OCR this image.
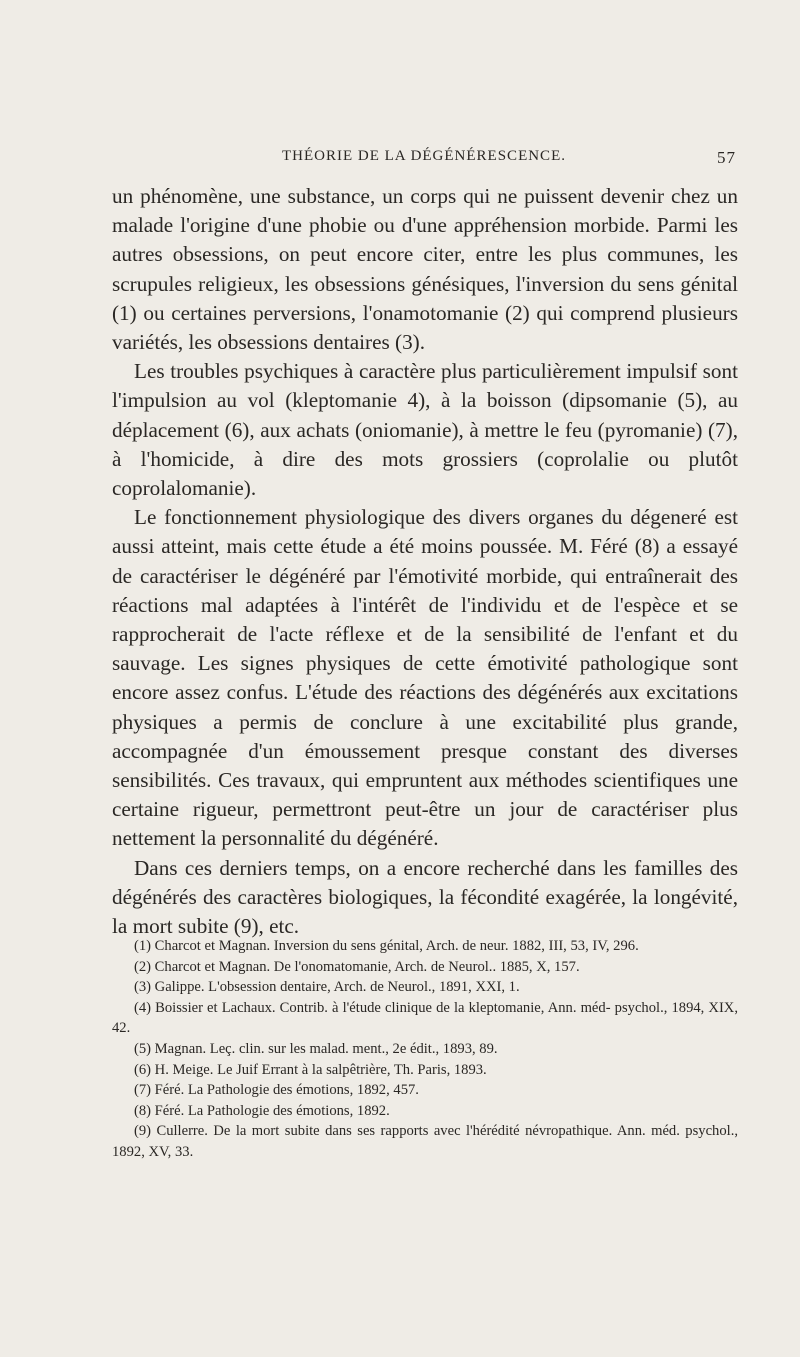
THÉORIE DE LA DÉGÉNÉRESCENCE.	57

un phénomène, une substance, un corps qui ne puissent devenir chez un malade l'origine d'une phobie ou d'une appréhension morbide. Parmi les autres obsessions, on peut encore citer, entre les plus communes, les scrupules religieux, les obsessions génésiques, l'inversion du sens génital (1) ou certaines perversions, l'onamotomanie (2) qui comprend plusieurs variétés, les obsessions dentaires (3).

Les troubles psychiques à caractère plus particulièrement impulsif sont l'impulsion au vol (kleptomanie 4), à la boisson (dipsomanie (5), au déplacement (6), aux achats (oniomanie), à mettre le feu (pyromanie) (7), à l'homicide, à dire des mots grossiers (coprolalie ou plutôt coprolalomanie).

Le fonctionnement physiologique des divers organes du dégeneré est aussi atteint, mais cette étude a été moins poussée. M. Féré (8) a essayé de caractériser le dégénéré par l'émotivité morbide, qui entraînerait des réactions mal adaptées à l'intérêt de l'individu et de l'espèce et se rapprocherait de l'acte réflexe et de la sensibilité de l'enfant et du sauvage. Les signes physiques de cette émotivité pathologique sont encore assez confus. L'étude des réactions des dégénérés aux excitations physiques a permis de conclure à une excitabilité plus grande, accompagnée d'un émoussement presque constant des diverses sensibilités. Ces travaux, qui empruntent aux méthodes scientifiques une certaine rigueur, permettront peut-être un jour de caractériser plus nettement la personnalité du dégénéré.

Dans ces derniers temps, on a encore recherché dans les familles des dégénérés des caractères biologiques, la fécondité exagérée, la longévité, la mort subite (9), etc.

(1) Charcot et Magnan. Inversion du sens génital, Arch. de neur. 1882, III, 53, IV, 296.

(2) Charcot et Magnan. De l'onomatomanie, Arch. de Neurol.. 1885, X, 157.

(3) Galippe. L'obsession dentaire, Arch. de Neurol., 1891, XXI, 1.

(4) Boissier et Lachaux. Contrib. à l'étude clinique de la kleptomanie, Ann. méd- psychol., 1894, XIX, 42.

(5) Magnan. Leç. clin. sur les malad. ment., 2e édit., 1893, 89.

(6) H. Meige. Le Juif Errant à la salpêtrière, Th. Paris, 1893.

(7) Féré. La Pathologie des émotions, 1892, 457.

(8) Féré. La Pathologie des émotions, 1892.

(9) Cullerre. De la mort subite dans ses rapports avec l'hérédité névropathique. Ann. méd. psychol., 1892, XV, 33.
